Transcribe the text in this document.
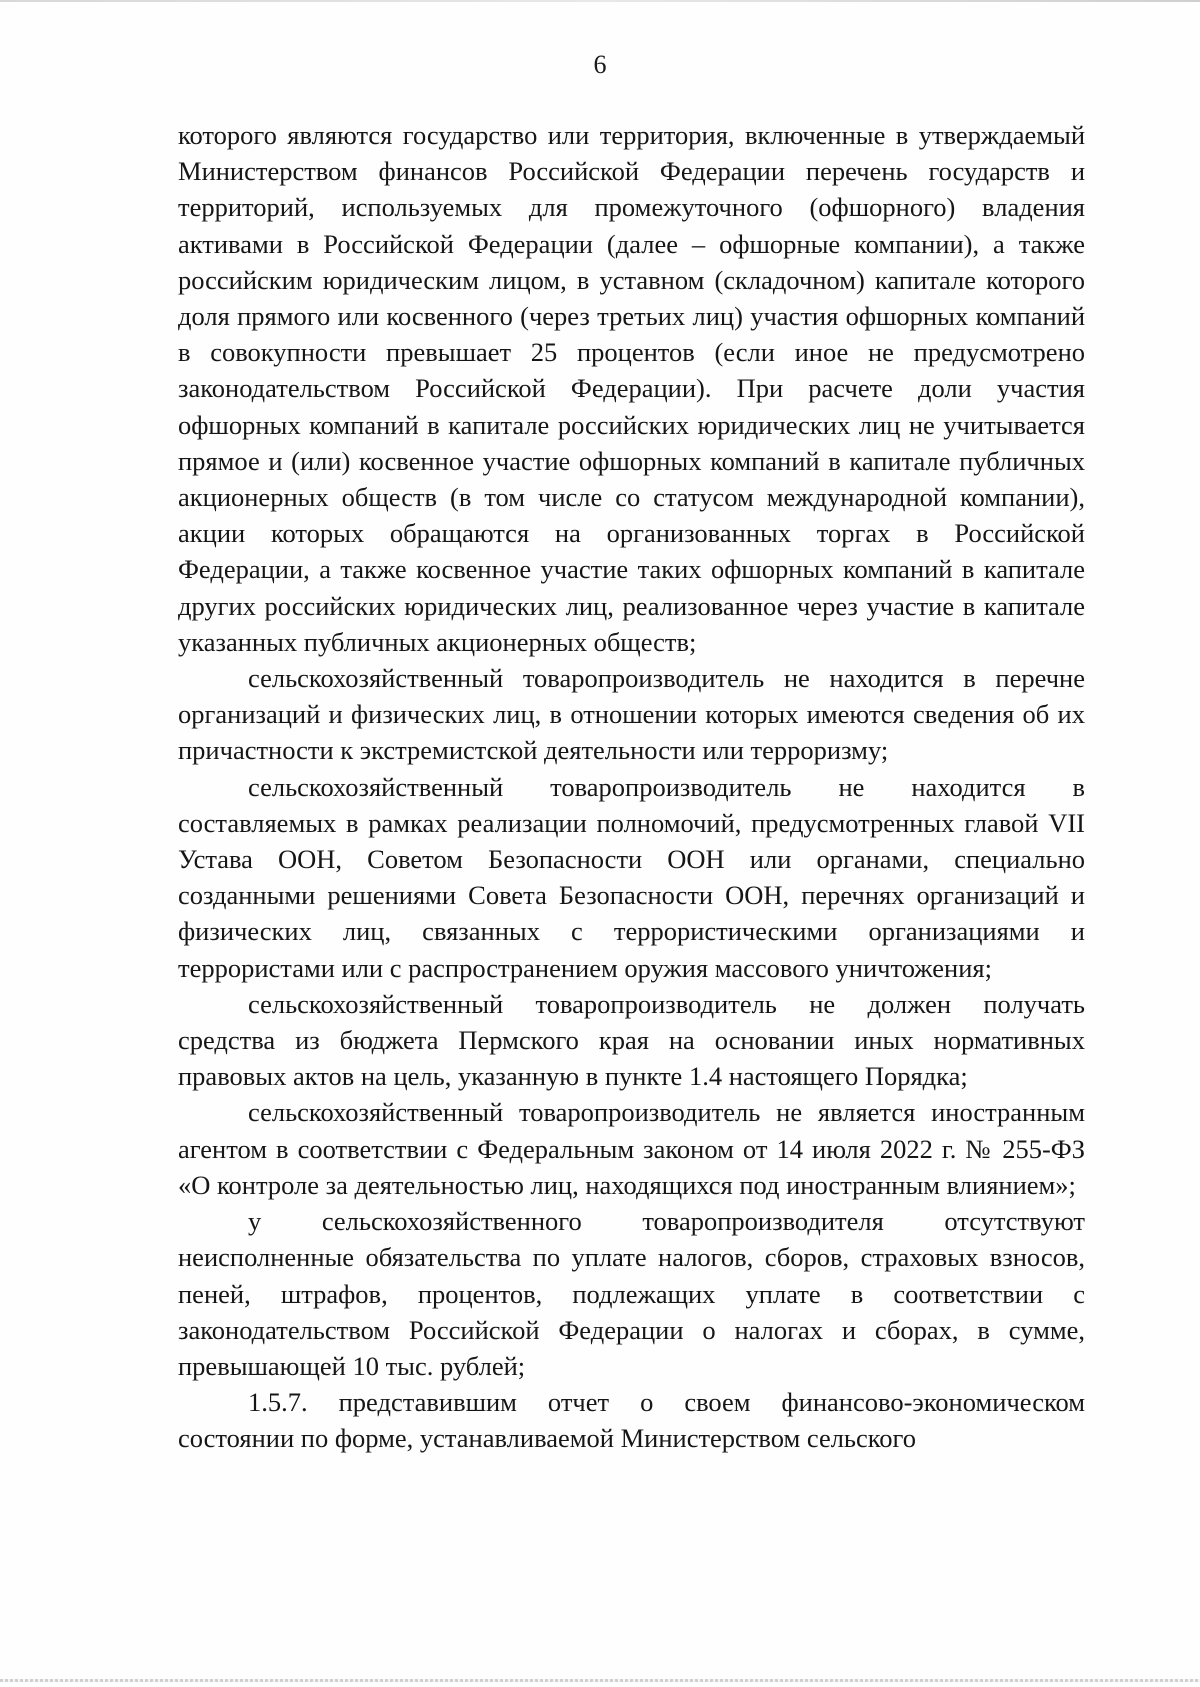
6

которого являются государство или территория, включенные в утверждаемый Министерством финансов Российской Федерации перечень государств и территорий, используемых для промежуточного (офшорного) владения активами в Российской Федерации (далее – офшорные компании), а также российским юридическим лицом, в уставном (складочном) капитале которого доля прямого или косвенного (через третьих лиц) участия офшорных компаний в совокупности превышает 25 процентов (если иное не предусмотрено законодательством Российской Федерации). При расчете доли участия офшорных компаний в капитале российских юридических лиц не учитывается прямое и (или) косвенное участие офшорных компаний в капитале публичных акционерных обществ (в том числе со статусом международной компании), акции которых обращаются на организованных торгах в Российской Федерации, а также косвенное участие таких офшорных компаний в капитале других российских юридических лиц, реализованное через участие в капитале указанных публичных акционерных обществ;

сельскохозяйственный товаропроизводитель не находится в перечне организаций и физических лиц, в отношении которых имеются сведения об их причастности к экстремистской деятельности или терроризму;

сельскохозяйственный товаропроизводитель не находится в составляемых в рамках реализации полномочий, предусмотренных главой VII Устава ООН, Советом Безопасности ООН или органами, специально созданными решениями Совета Безопасности ООН, перечнях организаций и физических лиц, связанных с террористическими организациями и террористами или с распространением оружия массового уничтожения;

сельскохозяйственный товаропроизводитель не должен получать средства из бюджета Пермского края на основании иных нормативных правовых актов на цель, указанную в пункте 1.4 настоящего Порядка;

сельскохозяйственный товаропроизводитель не является иностранным агентом в соответствии с Федеральным законом от 14 июля 2022 г. № 255-ФЗ «О контроле за деятельностью лиц, находящихся под иностранным влиянием»;

у сельскохозяйственного товаропроизводителя отсутствуют неисполненные обязательства по уплате налогов, сборов, страховых взносов, пеней, штрафов, процентов, подлежащих уплате в соответствии с законодательством Российской Федерации о налогах и сборах, в сумме, превышающей 10 тыс. рублей;

1.5.7. представившим отчет о своем финансово-экономическом состоянии по форме, устанавливаемой Министерством сельского
